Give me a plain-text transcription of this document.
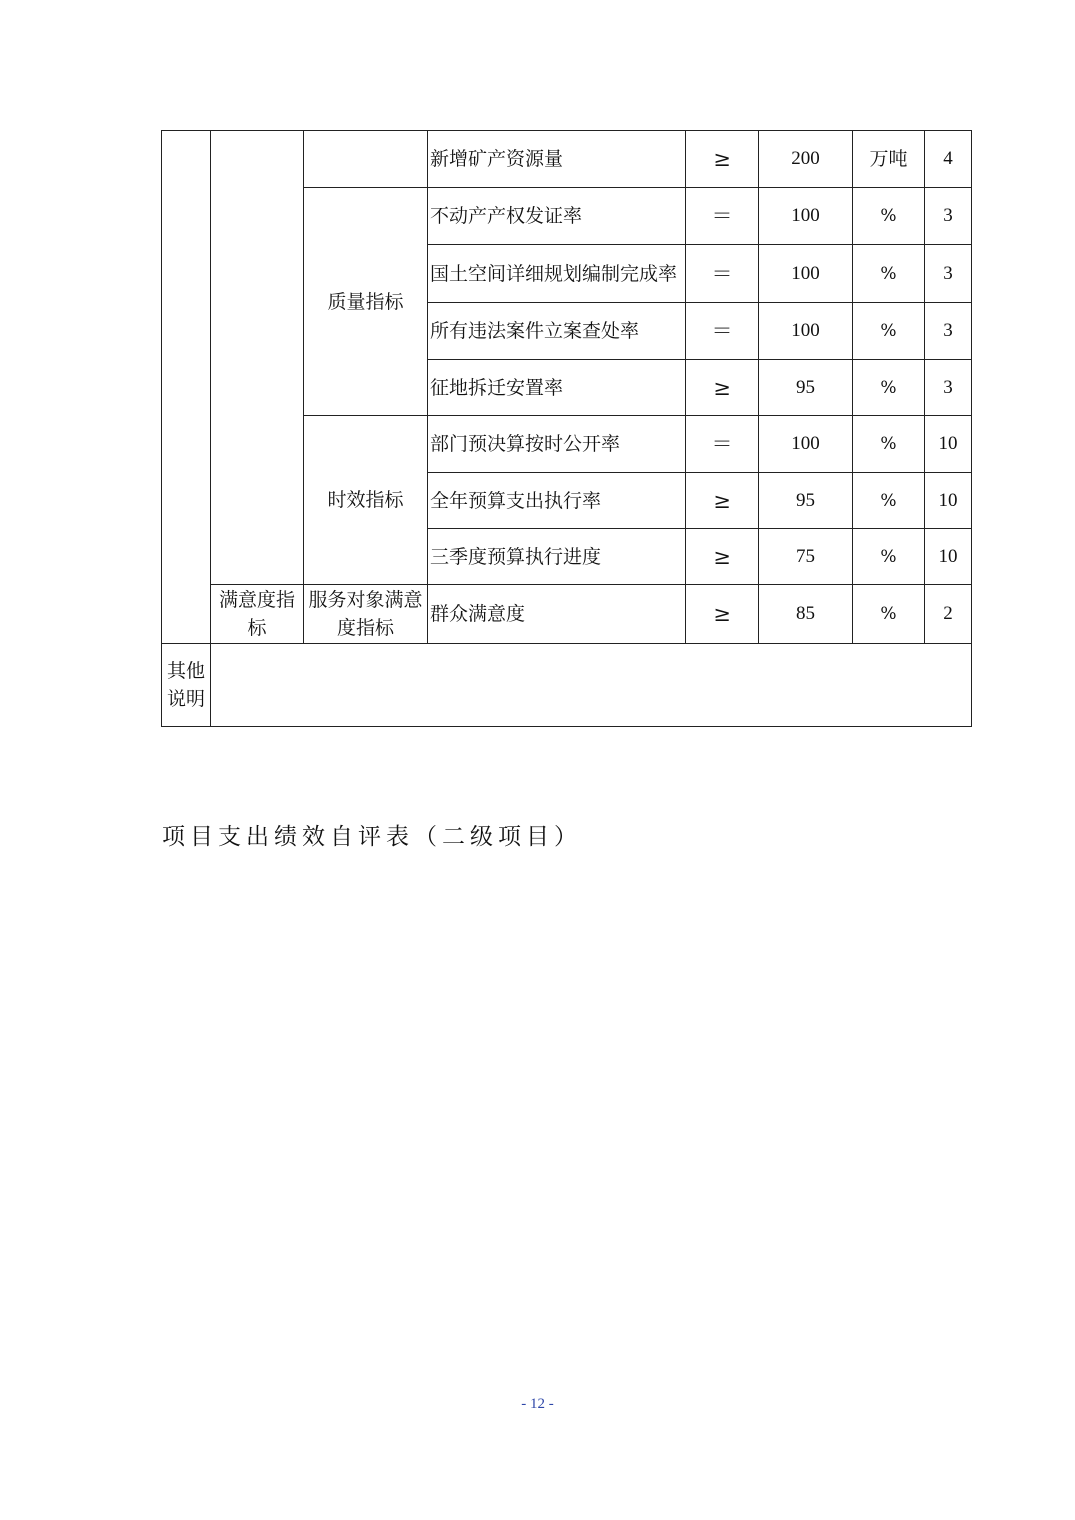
			新增矿产资源量	≥	200	万吨	4
		质量指标	不动产产权发证率	＝	100	%	3
			国土空间详细规划编制完成率	＝	100	%	3
			所有违法案件立案查处率	＝	100	%	3
			征地拆迁安置率	≥	95	%	3
		时效指标	部门预决算按时公开率	＝	100	%	10
			全年预算支出执行率	≥	95	%	10
			三季度预算执行进度	≥	75	%	10
	满意度指标	服务对象满意度指标	群众满意度	≥	85	%	2
其他说明							
项目支出绩效自评表（二级项目）
- 12 -
